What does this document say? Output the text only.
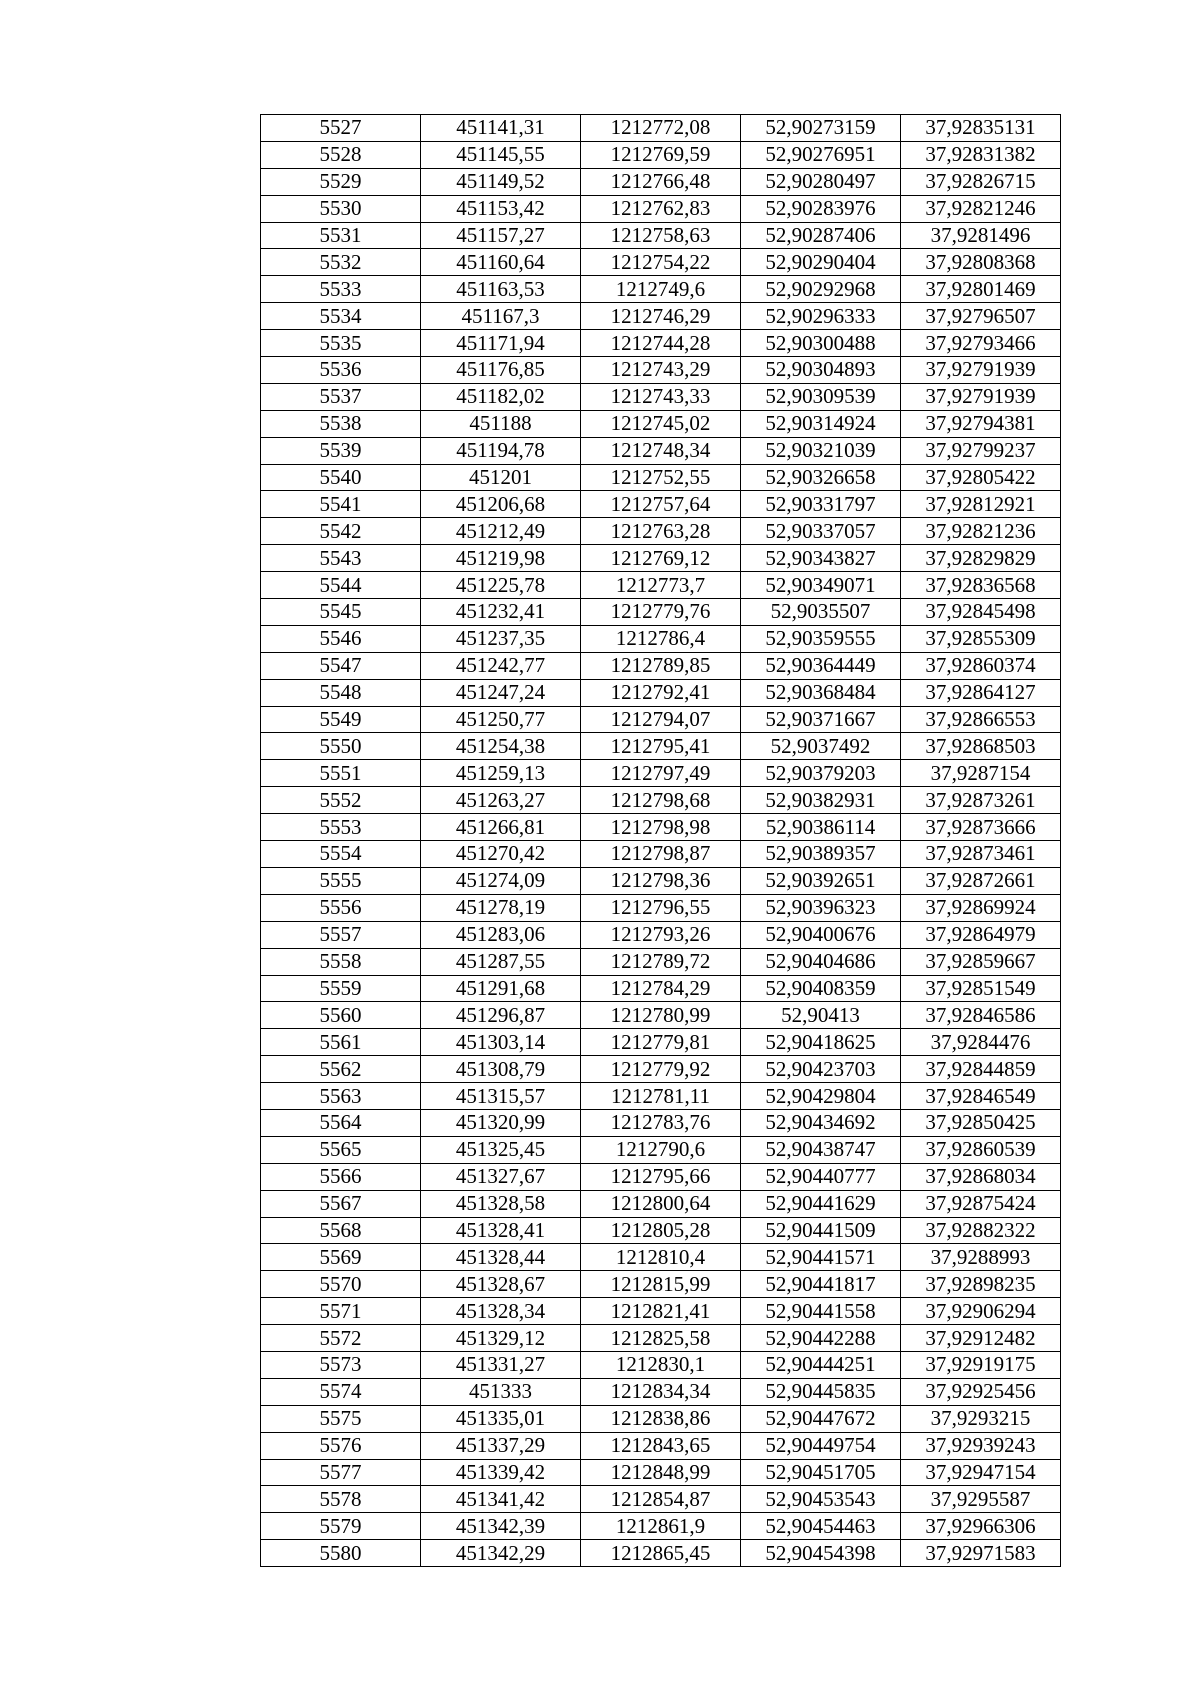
5527	451141,31	1212772,08	52,90273159	37,92835131
5528	451145,55	1212769,59	52,90276951	37,92831382
5529	451149,52	1212766,48	52,90280497	37,92826715
5530	451153,42	1212762,83	52,90283976	37,92821246
5531	451157,27	1212758,63	52,90287406	37,9281496
5532	451160,64	1212754,22	52,90290404	37,92808368
5533	451163,53	1212749,6	52,90292968	37,92801469
5534	451167,3	1212746,29	52,90296333	37,92796507
5535	451171,94	1212744,28	52,90300488	37,92793466
5536	451176,85	1212743,29	52,90304893	37,92791939
5537	451182,02	1212743,33	52,90309539	37,92791939
5538	451188	1212745,02	52,90314924	37,92794381
5539	451194,78	1212748,34	52,90321039	37,92799237
5540	451201	1212752,55	52,90326658	37,92805422
5541	451206,68	1212757,64	52,90331797	37,92812921
5542	451212,49	1212763,28	52,90337057	37,92821236
5543	451219,98	1212769,12	52,90343827	37,92829829
5544	451225,78	1212773,7	52,90349071	37,92836568
5545	451232,41	1212779,76	52,9035507	37,92845498
5546	451237,35	1212786,4	52,90359555	37,92855309
5547	451242,77	1212789,85	52,90364449	37,92860374
5548	451247,24	1212792,41	52,90368484	37,92864127
5549	451250,77	1212794,07	52,90371667	37,92866553
5550	451254,38	1212795,41	52,9037492	37,92868503
5551	451259,13	1212797,49	52,90379203	37,9287154
5552	451263,27	1212798,68	52,90382931	37,92873261
5553	451266,81	1212798,98	52,90386114	37,92873666
5554	451270,42	1212798,87	52,90389357	37,92873461
5555	451274,09	1212798,36	52,90392651	37,92872661
5556	451278,19	1212796,55	52,90396323	37,92869924
5557	451283,06	1212793,26	52,90400676	37,92864979
5558	451287,55	1212789,72	52,90404686	37,92859667
5559	451291,68	1212784,29	52,90408359	37,92851549
5560	451296,87	1212780,99	52,90413	37,92846586
5561	451303,14	1212779,81	52,90418625	37,9284476
5562	451308,79	1212779,92	52,90423703	37,92844859
5563	451315,57	1212781,11	52,90429804	37,92846549
5564	451320,99	1212783,76	52,90434692	37,92850425
5565	451325,45	1212790,6	52,90438747	37,92860539
5566	451327,67	1212795,66	52,90440777	37,92868034
5567	451328,58	1212800,64	52,90441629	37,92875424
5568	451328,41	1212805,28	52,90441509	37,92882322
5569	451328,44	1212810,4	52,90441571	37,9288993
5570	451328,67	1212815,99	52,90441817	37,92898235
5571	451328,34	1212821,41	52,90441558	37,92906294
5572	451329,12	1212825,58	52,90442288	37,92912482
5573	451331,27	1212830,1	52,90444251	37,92919175
5574	451333	1212834,34	52,90445835	37,92925456
5575	451335,01	1212838,86	52,90447672	37,9293215
5576	451337,29	1212843,65	52,90449754	37,92939243
5577	451339,42	1212848,99	52,90451705	37,92947154
5578	451341,42	1212854,87	52,90453543	37,9295587
5579	451342,39	1212861,9	52,90454463	37,92966306
5580	451342,29	1212865,45	52,90454398	37,92971583
